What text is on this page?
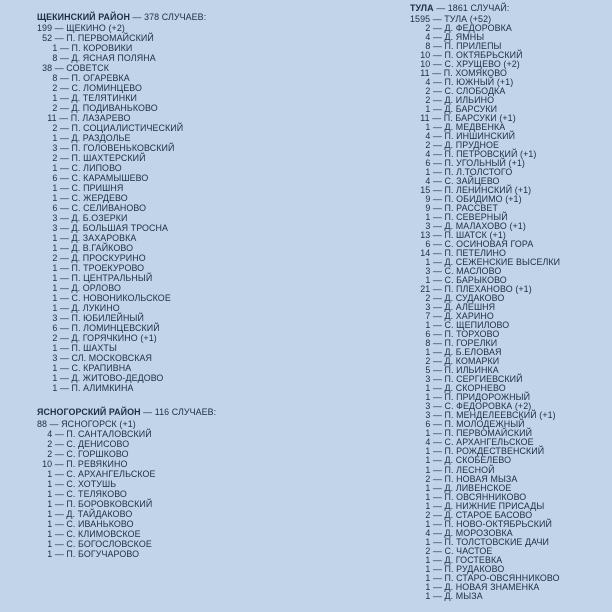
ЩЕКИНСКИЙ РАЙОН — 378 СЛУЧАЕВ:
199 — ЩЕКИНО (+2)
52 — П. ПЕРВОМАЙСКИЙ
1 — П. КОРОВИКИ
8 — Д. ЯСНАЯ ПОЛЯНА
38 — СОВЕТСК
8 — П. ОГАРЕВКА
2 — С. ЛОМИНЦЕВО
1 — Д. ТЕЛЯТИНКИ
2 — Д. ПОДИВАНЬКОВО
11 — П. ЛАЗАРЕВО
2 — П. СОЦИАЛИСТИЧЕСКИЙ
1 — Д. РАЗДОЛЬЕ
3 — П. ГОЛОВЕНЬКОВСКИЙ
2 — П. ШАХТЕРСКИЙ
1 — С. ЛИПОВО
6 — С. КАРАМЫШЕВО
1 — С. ПРИШНЯ
1 — С. ЖЕРДЕВО
6 — С. СЕЛИВАНОВО
3 — Д. Б.ОЗЕРКИ
3 — Д. БОЛЬШАЯ ТРОСНА
1 — Д. ЗАХАРОВКА
1 — Д. В.ГАЙКОВО
2 — Д. ПРОСКУРИНО
1 — П. ТРОЕКУРОВО
1 — П. ЦЕНТРАЛЬНЫЙ
1 — Д. ОРЛОВО
1 — С. НОВОНИКОЛЬСКОЕ
1 — Д. ЛУКИНО
3 — П. ЮБИЛЕЙНЫЙ
6 — П. ЛОМИНЦЕВСКИЙ
2 — Д. ГОРЯЧКИНО (+1)
1 — П. ШАХТЫ
3 — СЛ. МОСКОВСКАЯ
1 — С. КРАПИВНА
1 — Д. ЖИТОВО-ДЕДОВО
1 — П. АЛИМКИНА
ЯСНОГОРСКИЙ РАЙОН — 116 СЛУЧАЕВ:
88 — ЯСНОГОРСК (+1)
4 — П. САНТАЛОВСКИЙ
2 — С. ДЕНИСОВО
2 — С. ГОРШКОВО
10 — П. РЕВЯКИНО
1 — С. АРХАНГЕЛЬСКОЕ
1 — С. ХОТУШЬ
1 — С. ТЕЛЯКОВО
1 — П. БОРОВКОВСКИЙ
1 — Д. ТАЙДАКОВО
1 — С. ИВАНЬКОВО
1 — С. КЛИМОВСКОЕ
1 — С. БОГОСЛОВСКОЕ
1 — П. БОГУЧАРОВО
ТУЛА — 1861 СЛУЧАЙ:
1595 — ТУЛА (+52)
2 — Д. ФЕДОРОВКА
4 — Д. ЯМНЫ
8 — П. ПРИЛЕПЫ
10 — П. ОКТЯБРЬСКИЙ
10 — С. ХРУЩЕВО (+2)
11 — П. ХОМЯКОВО
4 — П. ЮЖНЫЙ (+1)
2 — С. СЛОБОДКА
2 — Д. ИЛЬИНО
1 — Д. БАРСУКИ
11 — П. БАРСУКИ (+1)
1 — Д. МЕДВЕНКА
4 — П. ИНШИНСКИЙ
2 — Д. ПРУДНОЕ
4 — П. ПЕТРОВСКИЙ (+1)
6 — П. УГОЛЬНЫЙ (+1)
1 — П. Л.ТОЛСТОГО
4 — С. ЗАЙЦЕВО
15 — П. ЛЕНИНСКИЙ (+1)
9 — П. ОБИДИМО (+1)
9 — П. РАССВЕТ
1 — П. СЕВЕРНЫЙ
3 — Д. МАЛАХОВО (+1)
13 — П. ШАТСК (+1)
6 — С. ОСИНОВАЯ ГОРА
14 — П. ПЕТЕЛИНО
1 — Д. СЕЖЕНСКИЕ ВЫСЕЛКИ
3 — С. МАСЛОВО
1 — С. БАРЫКОВО
21 — П. ПЛЕХАНОВО (+1)
2 — Д. СУДАКОВО
3 — Д. АЛЕШНЯ
7 — Д. ХАРИНО
1 — С. ЩЕПИЛОВО
6 — П. ТОРХОВО
8 — П. ГОРЕЛКИ
1 — Д. Б.ЕЛОВАЯ
2 — Д. КОМАРКИ
5 — П. ИЛЬИНКА
3 — П. СЕРГИЕВСКИЙ
1 — Д. СКОРНЕВО
1 — П. ПРИДОРОЖНЫЙ
3 — С. ФЕДОРОВКА (+2)
3 — П. МЕНДЕЛЕЕВСКИЙ (+1)
6 — П. МОЛОДЕЖНЫЙ
1 — П. ПЕРВОМАЙСКИЙ
4 — С. АРХАНГЕЛЬСКОЕ
1 — П. РОЖДЕСТВЕНСКИЙ
1 — Д. СКОБЕЛЕВО
1 — П. ЛЕСНОЙ
2 — П. НОВАЯ МЫЗА
1 — Д. ЛИВЕНСКОЕ
1 — П. ОВСЯННИКОВО
1 — Д. НИЖНИЕ ПРИСАДЫ
2 — Д. СТАРОЕ БАСОВО
1 — П. НОВО-ОКТЯБРЬСКИЙ
4 — Д. МОРОЗОВКА
1 — П. ТОЛСТОВСКИЕ ДАЧИ
2 — С. ЧАСТОЕ
1 — Д. ГОСТЕВКА
1 — П. РУДАКОВО
1 — П. СТАРО-ОВСЯННИКОВО
1 — Д. НОВАЯ ЗНАМЕНКА
1 — Д. МЫЗА
